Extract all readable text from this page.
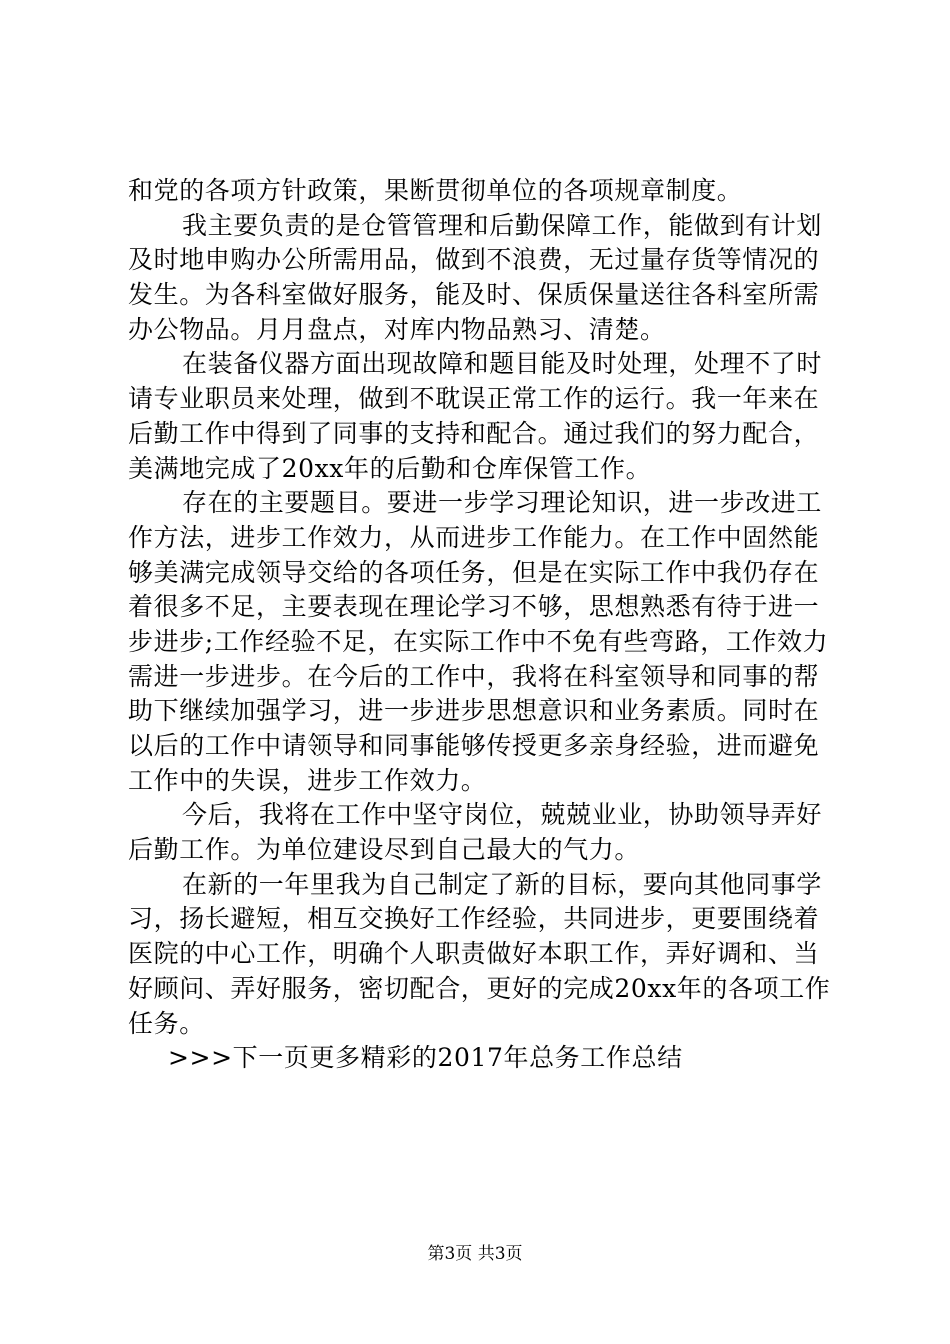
和党的各项方针政策，果断贯彻单位的各项规章制度。
我主要负责的是仓管管理和后勤保障工作，能做到有计划
及时地申购办公所需用品，做到不浪费，无过量存货等情况的
发生。为各科室做好服务，能及时、保质保量送往各科室所需
办公物品。月月盘点，对库内物品熟习、清楚。
在装备仪器方面出现故障和题目能及时处理，处理不了时
请专业职员来处理，做到不耽误正常工作的运行。我一年来在
后勤工作中得到了同事的支持和配合。通过我们的努力配合，
美满地完成了20xx年的后勤和仓库保管工作。
存在的主要题目。要进一步学习理论知识，进一步改进工
作方法，进步工作效力，从而进步工作能力。在工作中固然能
够美满完成领导交给的各项任务，但是在实际工作中我仍存在
着很多不足，主要表现在理论学习不够，思想熟悉有待于进一
步进步;工作经验不足，在实际工作中不免有些弯路，工作效力
需进一步进步。在今后的工作中，我将在科室领导和同事的帮
助下继续加强学习，进一步进步思想意识和业务素质。同时在
以后的工作中请领导和同事能够传授更多亲身经验，进而避免
工作中的失误，进步工作效力。
今后，我将在工作中坚守岗位，兢兢业业，协助领导弄好
后勤工作。为单位建设尽到自己最大的气力。
在新的一年里我为自己制定了新的目标，要向其他同事学
习，扬长避短，相互交换好工作经验，共同进步，更要围绕着
医院的中心工作，明确个人职责做好本职工作，弄好调和、当
好顾问、弄好服务，密切配合，更好的完成20xx年的各项工作
任务。
>>>下一页更多精彩的2017年总务工作总结
第3页 共3页
